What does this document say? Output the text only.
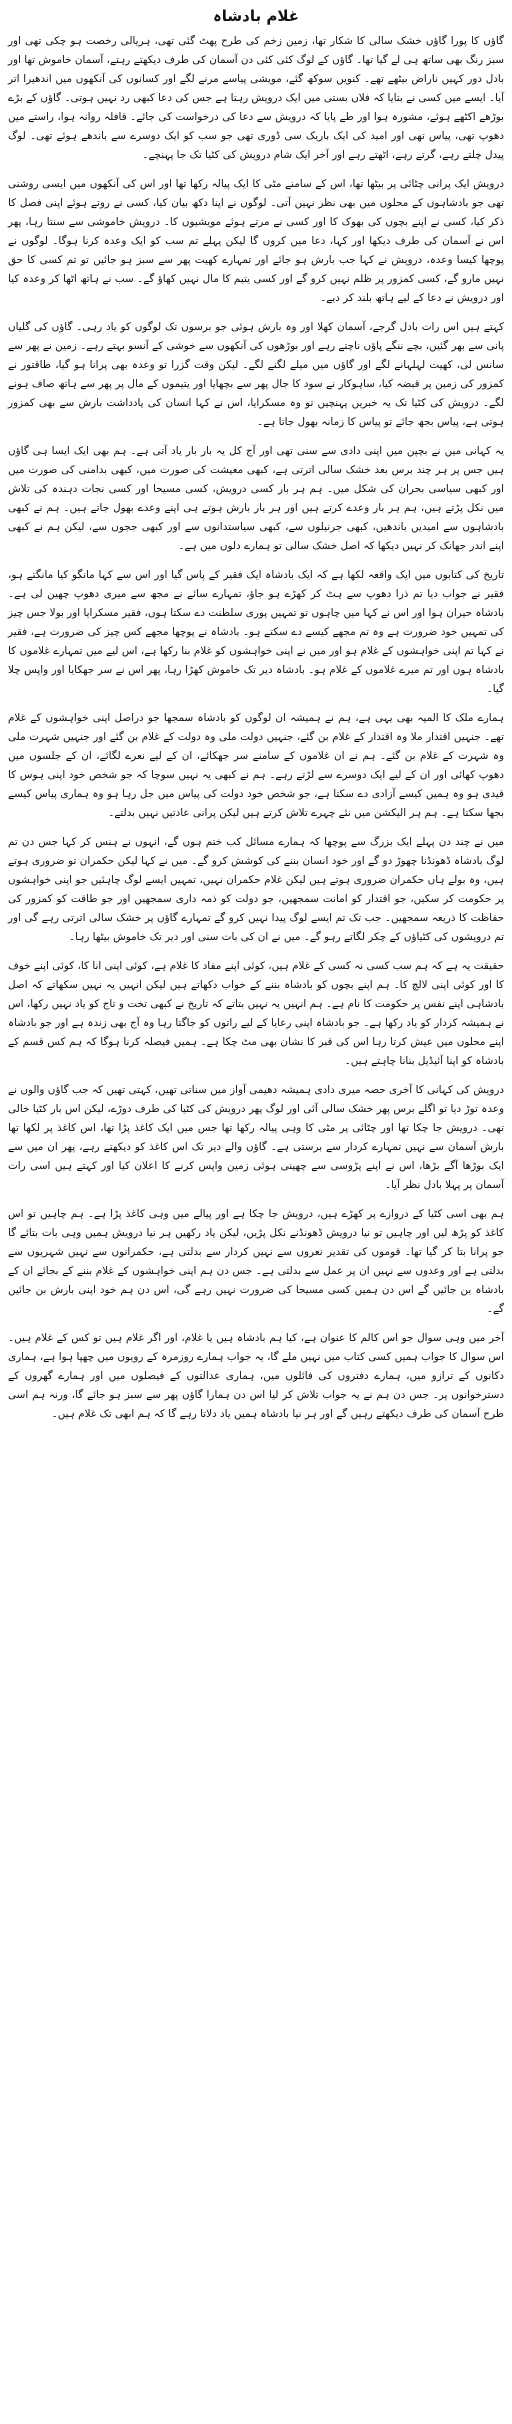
غلام بادشاہ

گاؤں کا پورا گاؤں خشک سالی کا شکار تھا، زمین زخم کی طرح پھٹ گئی تھی، ہریالی رخصت ہو چکی تھی اور سبز رنگ بھی ساتھ ہی لے گیا تھا۔ گاؤں کے لوگ کئی کئی دن آسمان کی طرف دیکھتے رہتے، آسمان خاموش تھا اور بادل دور کہیں ناراض بیٹھے تھے۔ کنویں سوکھ گئے، مویشی پیاسے مرنے لگے اور کسانوں کی آنکھوں میں اندھیرا اتر آیا۔ ایسے میں کسی نے بتایا کہ فلاں بستی میں ایک درویش رہتا ہے جس کی دعا کبھی رد نہیں ہوتی۔ گاؤں کے بڑے بوڑھے اکٹھے ہوئے، مشورہ ہوا اور طے پایا کہ درویش سے دعا کی درخواست کی جائے۔ قافلہ روانہ ہوا، راستے میں دھوپ تھی، پیاس تھی اور امید کی ایک باریک سی ڈوری تھی جو سب کو ایک دوسرے سے باندھے ہوئے تھی۔ لوگ پیدل چلتے رہے، گرتے رہے، اٹھتے رہے اور آخر ایک شام درویش کی کٹیا تک جا پہنچے۔

درویش ایک پرانی چٹائی پر بیٹھا تھا، اس کے سامنے مٹی کا ایک پیالہ رکھا تھا اور اس کی آنکھوں میں ایسی روشنی تھی جو بادشاہوں کے محلوں میں بھی نظر نہیں آتی۔ لوگوں نے اپنا دکھ بیان کیا، کسی نے روتے ہوئے اپنی فصل کا ذکر کیا، کسی نے اپنے بچوں کی بھوک کا اور کسی نے مرتے ہوئے مویشیوں کا۔ درویش خاموشی سے سنتا رہا، پھر اس نے آسمان کی طرف دیکھا اور کہا، دعا میں کروں گا لیکن پہلے تم سب کو ایک وعدہ کرنا ہوگا۔ لوگوں نے پوچھا کیسا وعدہ، درویش نے کہا جب بارش ہو جائے اور تمہارے کھیت پھر سے سبز ہو جائیں تو تم کسی کا حق نہیں مارو گے، کسی کمزور پر ظلم نہیں کرو گے اور کسی یتیم کا مال نہیں کھاؤ گے۔ سب نے ہاتھ اٹھا کر وعدہ کیا اور درویش نے دعا کے لیے ہاتھ بلند کر دیے۔

کہتے ہیں اس رات بادل گرجے، آسمان کھلا اور وہ بارش ہوئی جو برسوں تک لوگوں کو یاد رہی۔ گاؤں کی گلیاں پانی سے بھر گئیں، بچے ننگے پاؤں ناچتے رہے اور بوڑھوں کی آنکھوں سے خوشی کے آنسو بہتے رہے۔ زمین نے پھر سے سانس لی، کھیت لہلہانے لگے اور گاؤں میں میلے لگنے لگے۔ لیکن وقت گزرا تو وعدہ بھی پرانا ہو گیا، طاقتور نے کمزور کی زمین پر قبضہ کیا، ساہوکار نے سود کا جال پھر سے بچھایا اور یتیموں کے مال پر پھر سے ہاتھ صاف ہونے لگے۔ درویش کی کٹیا تک یہ خبریں پہنچیں تو وہ مسکرایا، اس نے کہا انسان کی یادداشت بارش سے بھی کمزور ہوتی ہے، پیاس بجھ جائے تو پیاس کا زمانہ بھول جاتا ہے۔

یہ کہانی میں نے بچپن میں اپنی دادی سے سنی تھی اور آج کل یہ بار بار یاد آتی ہے۔ ہم بھی ایک ایسا ہی گاؤں ہیں جس پر ہر چند برس بعد خشک سالی اترتی ہے، کبھی معیشت کی صورت میں، کبھی بدامنی کی صورت میں اور کبھی سیاسی بحران کی شکل میں۔ ہم ہر بار کسی درویش، کسی مسیحا اور کسی نجات دہندہ کی تلاش میں نکل پڑتے ہیں، ہم ہر بار وعدے کرتے ہیں اور ہر بار بارش ہوتے ہی اپنے وعدے بھول جاتے ہیں۔ ہم نے کبھی بادشاہوں سے امیدیں باندھیں، کبھی جرنیلوں سے، کبھی سیاستدانوں سے اور کبھی ججوں سے، لیکن ہم نے کبھی اپنے اندر جھانک کر نہیں دیکھا کہ اصل خشک سالی تو ہمارے دلوں میں ہے۔

تاریخ کی کتابوں میں ایک واقعہ لکھا ہے کہ ایک بادشاہ ایک فقیر کے پاس گیا اور اس سے کہا مانگو کیا مانگتے ہو، فقیر نے جواب دیا تم ذرا دھوپ سے ہٹ کر کھڑے ہو جاؤ، تمہارے سائے نے مجھ سے میری دھوپ چھین لی ہے۔ بادشاہ حیران ہوا اور اس نے کہا میں چاہوں تو تمہیں پوری سلطنت دے سکتا ہوں، فقیر مسکرایا اور بولا جس چیز کی تمہیں خود ضرورت ہے وہ تم مجھے کیسے دے سکتے ہو۔ بادشاہ نے پوچھا مجھے کس چیز کی ضرورت ہے، فقیر نے کہا تم اپنی خواہشوں کے غلام ہو اور میں نے اپنی خواہشوں کو غلام بنا رکھا ہے، اس لیے میں تمہارے غلاموں کا بادشاہ ہوں اور تم میرے غلاموں کے غلام ہو۔ بادشاہ دیر تک خاموش کھڑا رہا، پھر اس نے سر جھکایا اور واپس چلا گیا۔

ہمارے ملک کا المیہ بھی یہی ہے، ہم نے ہمیشہ ان لوگوں کو بادشاہ سمجھا جو دراصل اپنی خواہشوں کے غلام تھے۔ جنہیں اقتدار ملا وہ اقتدار کے غلام بن گئے، جنہیں دولت ملی وہ دولت کے غلام بن گئے اور جنہیں شہرت ملی وہ شہرت کے غلام بن گئے۔ ہم نے ان غلاموں کے سامنے سر جھکائے، ان کے لیے نعرے لگائے، ان کے جلسوں میں دھوپ کھائی اور ان کے لیے ایک دوسرے سے لڑتے رہے۔ ہم نے کبھی یہ نہیں سوچا کہ جو شخص خود اپنی ہوس کا قیدی ہو وہ ہمیں کیسے آزادی دے سکتا ہے، جو شخص خود دولت کی پیاس میں جل رہا ہو وہ ہماری پیاس کیسے بجھا سکتا ہے۔ ہم ہر الیکشن میں نئے چہرے تلاش کرتے ہیں لیکن پرانی عادتیں نہیں بدلتے۔

میں نے چند دن پہلے ایک بزرگ سے پوچھا کہ ہمارے مسائل کب ختم ہوں گے، انہوں نے ہنس کر کہا جس دن تم لوگ بادشاہ ڈھونڈنا چھوڑ دو گے اور خود انسان بننے کی کوشش کرو گے۔ میں نے کہا لیکن حکمران تو ضروری ہوتے ہیں، وہ بولے ہاں حکمران ضروری ہوتے ہیں لیکن غلام حکمران نہیں، تمہیں ایسے لوگ چاہئیں جو اپنی خواہشوں پر حکومت کر سکیں، جو اقتدار کو امانت سمجھیں، جو دولت کو ذمہ داری سمجھیں اور جو طاقت کو کمزور کی حفاظت کا ذریعہ سمجھیں۔ جب تک تم ایسے لوگ پیدا نہیں کرو گے تمہارے گاؤں پر خشک سالی اترتی رہے گی اور تم درویشوں کی کٹیاؤں کے چکر لگاتے رہو گے۔ میں نے ان کی بات سنی اور دیر تک خاموش بیٹھا رہا۔

حقیقت یہ ہے کہ ہم سب کسی نہ کسی کے غلام ہیں، کوئی اپنے مفاد کا غلام ہے، کوئی اپنی انا کا، کوئی اپنے خوف کا اور کوئی اپنی لالچ کا۔ ہم اپنے بچوں کو بادشاہ بننے کے خواب دکھاتے ہیں لیکن انہیں یہ نہیں سکھاتے کہ اصل بادشاہی اپنے نفس پر حکومت کا نام ہے۔ ہم انہیں یہ نہیں بتاتے کہ تاریخ نے کبھی تخت و تاج کو یاد نہیں رکھا، اس نے ہمیشہ کردار کو یاد رکھا ہے۔ جو بادشاہ اپنی رعایا کے لیے راتوں کو جاگتا رہا وہ آج بھی زندہ ہے اور جو بادشاہ اپنے محلوں میں عیش کرتا رہا اس کی قبر کا نشان بھی مٹ چکا ہے۔ ہمیں فیصلہ کرنا ہوگا کہ ہم کس قسم کے بادشاہ کو اپنا آئیڈیل بنانا چاہتے ہیں۔

درویش کی کہانی کا آخری حصہ میری دادی ہمیشہ دھیمی آواز میں سناتی تھیں، کہتی تھیں کہ جب گاؤں والوں نے وعدہ توڑ دیا تو اگلے برس پھر خشک سالی آئی اور لوگ پھر درویش کی کٹیا کی طرف دوڑے، لیکن اس بار کٹیا خالی تھی۔ درویش جا چکا تھا اور چٹائی پر مٹی کا وہی پیالہ رکھا تھا جس میں ایک کاغذ پڑا تھا، اس کاغذ پر لکھا تھا بارش آسمان سے نہیں تمہارے کردار سے برستی ہے۔ گاؤں والے دیر تک اس کاغذ کو دیکھتے رہے، پھر ان میں سے ایک بوڑھا آگے بڑھا، اس نے اپنے پڑوسی سے چھینی ہوئی زمین واپس کرنے کا اعلان کیا اور کہتے ہیں اسی رات آسمان پر پہلا بادل نظر آیا۔

ہم بھی اسی کٹیا کے دروازے پر کھڑے ہیں، درویش جا چکا ہے اور پیالے میں وہی کاغذ پڑا ہے۔ ہم چاہیں تو اس کاغذ کو پڑھ لیں اور چاہیں تو نیا درویش ڈھونڈنے نکل پڑیں، لیکن یاد رکھیں ہر نیا درویش ہمیں وہی بات بتائے گا جو پرانا بتا کر گیا تھا۔ قوموں کی تقدیر نعروں سے نہیں کردار سے بدلتی ہے، حکمرانوں سے نہیں شہریوں سے بدلتی ہے اور وعدوں سے نہیں ان پر عمل سے بدلتی ہے۔ جس دن ہم اپنی خواہشوں کے غلام بننے کے بجائے ان کے بادشاہ بن جائیں گے اس دن ہمیں کسی مسیحا کی ضرورت نہیں رہے گی، اس دن ہم خود اپنی بارش بن جائیں گے۔

آخر میں وہی سوال جو اس کالم کا عنوان ہے، کیا ہم بادشاہ ہیں یا غلام، اور اگر غلام ہیں تو کس کے غلام ہیں۔ اس سوال کا جواب ہمیں کسی کتاب میں نہیں ملے گا، یہ جواب ہمارے روزمرہ کے رویوں میں چھپا ہوا ہے، ہماری دکانوں کے ترازو میں، ہمارے دفتروں کی فائلوں میں، ہماری عدالتوں کے فیصلوں میں اور ہمارے گھروں کے دسترخوانوں پر۔ جس دن ہم نے یہ جواب تلاش کر لیا اس دن ہمارا گاؤں پھر سے سبز ہو جائے گا، ورنہ ہم اسی طرح آسمان کی طرف دیکھتے رہیں گے اور ہر نیا بادشاہ ہمیں یاد دلاتا رہے گا کہ ہم ابھی تک غلام ہیں۔
